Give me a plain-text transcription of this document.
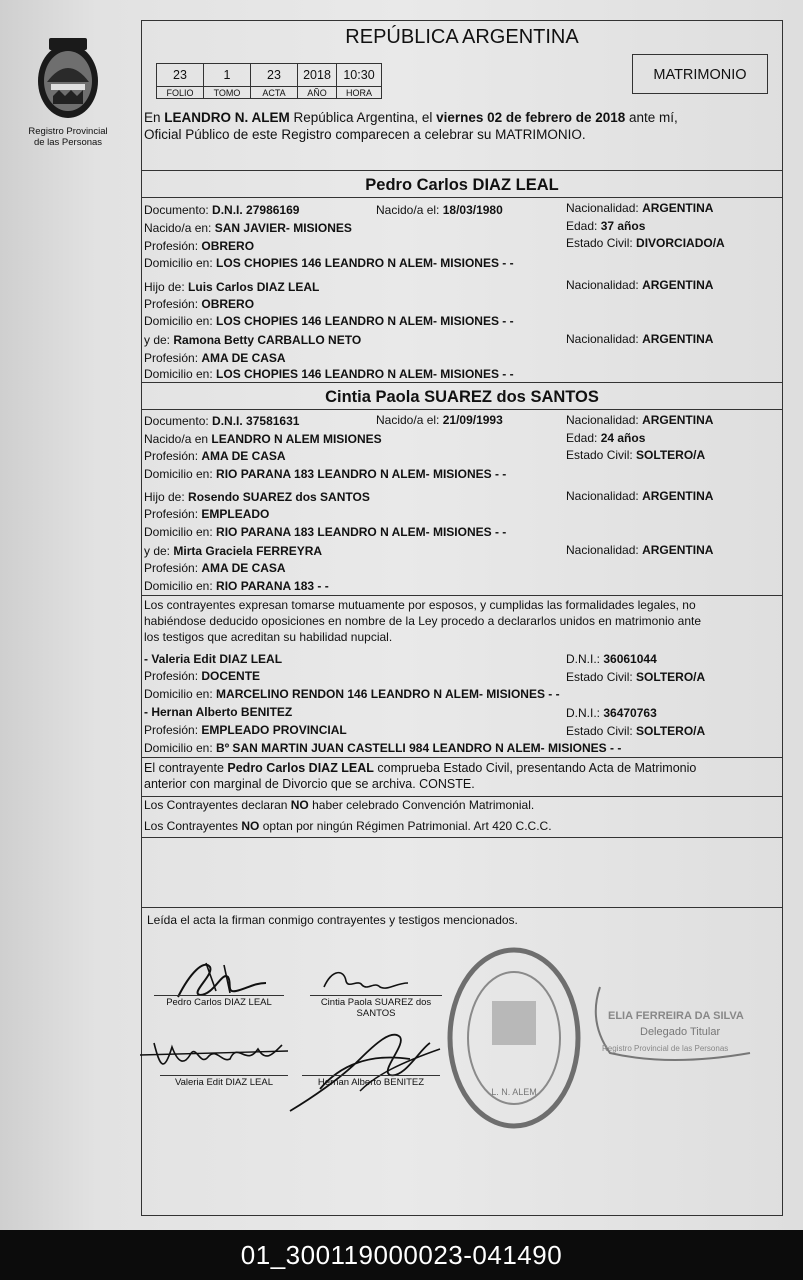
Registro Provincial
de las Personas
REPÚBLICA ARGENTINA
23	1	23	2018	10:30
FOLIO	TOMO	ACTA	AÑO	HORA
MATRIMONIO
En LEANDRO N. ALEM República Argentina, el viernes 02 de febrero de 2018 ante mí,
Oficial Público de este Registro comparecen a celebrar su MATRIMONIO.
Pedro Carlos DIAZ LEAL
Documento: D.N.I. 27986169	Nacido/a el: 18/03/1980	Nacionalidad: ARGENTINA
Nacido/a en: SAN JAVIER- MISIONES	Edad: 37 años
Profesión: OBRERO	Estado Civil: DIVORCIADO/A
Domicilio en: LOS CHOPIES 146 LEANDRO N ALEM- MISIONES - -
Hijo de: Luis Carlos DIAZ LEAL	Nacionalidad: ARGENTINA
Profesión: OBRERO
Domicilio en: LOS CHOPIES 146 LEANDRO N ALEM- MISIONES - -
y de: Ramona Betty CARBALLO NETO	Nacionalidad: ARGENTINA
Profesión: AMA DE CASA
Domicilio en: LOS CHOPIES 146 LEANDRO N ALEM- MISIONES - -
Cintia Paola SUAREZ dos SANTOS
Documento: D.N.I. 37581631	Nacido/a el: 21/09/1993	Nacionalidad: ARGENTINA
Nacido/a en LEANDRO N ALEM MISIONES	Edad: 24 años
Profesión: AMA DE CASA	Estado Civil: SOLTERO/A
Domicilio en: RIO PARANA 183 LEANDRO N ALEM- MISIONES - -
Hijo de: Rosendo SUAREZ dos SANTOS	Nacionalidad: ARGENTINA
Profesión: EMPLEADO
Domicilio en: RIO PARANA 183 LEANDRO N ALEM- MISIONES - -
y de: Mirta Graciela FERREYRA	Nacionalidad: ARGENTINA
Profesión: AMA DE CASA
Domicilio en: RIO PARANA 183 - -
Los contrayentes expresan tomarse mutuamente por esposos, y cumplidas las formalidades legales, no
habiéndose deducido oposiciones en nombre de la Ley procedo a declararlos unidos en matrimonio ante
los testigos que acreditan su habilidad nupcial.
- Valeria Edit DIAZ LEAL	D.N.I.: 36061044
Profesión: DOCENTE	Estado Civil: SOLTERO/A
Domicilio en: MARCELINO RENDON 146 LEANDRO N ALEM- MISIONES - -
- Hernan Alberto BENITEZ	D.N.I.: 36470763
Profesión: EMPLEADO PROVINCIAL	Estado Civil: SOLTERO/A
Domicilio en: Bº SAN MARTIN JUAN CASTELLI 984 LEANDRO N ALEM- MISIONES - -
El contrayente Pedro Carlos DIAZ LEAL comprueba Estado Civil, presentando Acta de Matrimonio
anterior con marginal de Divorcio que se archiva. CONSTE.
Los Contrayentes declaran NO haber celebrado Convención Matrimonial.
Los Contrayentes NO optan por ningún Régimen Patrimonial. Art 420 C.C.C.
Leída el acta la firman conmigo contrayentes y testigos mencionados.
L. N. ALEM
ELIA FERREIRA DA SILVA
Delegado Titular
Registro Provincial de las Personas
Pedro Carlos DIAZ LEAL	Cintia Paola SUAREZ dos
SANTOS
Valeria Edit DIAZ LEAL	Hernan Alberto BENITEZ
01_300119000023-041490
